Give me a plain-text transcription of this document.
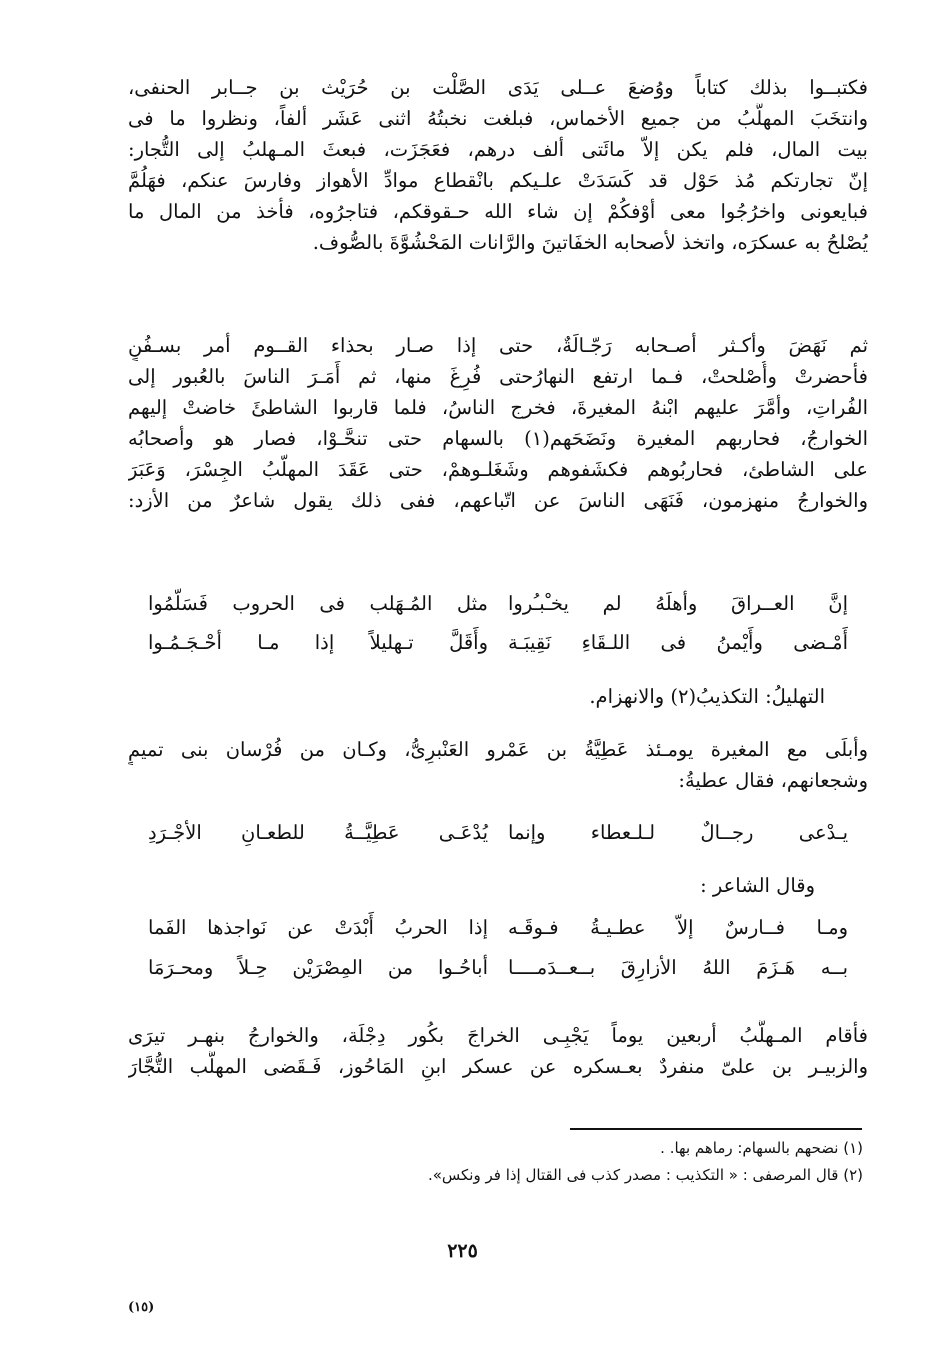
فكتبــوا بذلك كتاباً ووُضعَ عــلى يَدَى الصَّلْت بن حُرَيْث بن جــابر الحنفى،
وانتخَبَ المهلَّبُ من جميع الأخماس، فبلغت نخبتُهُ اثنى عَشَر ألفاً، ونظروا ما فى
بيت المال، فلم يكن إلاّ مائَتى ألف درهم، فعَجَزَت، فبعثَ المـهلبُ إلى التُّجار:
إنّ تجارتكم مُذ حَوْل قد كَسَدَتْ علـيكم بانْقطاع موادِّ الأهواز وفارسَ عنكم، فهَلُمَّ
فبايعونى واخرُجُوا معى أوْفكُمْ إن شاء الله حـقوقكم، فتاجرُوه، فأخذ من المال ما
يُصْلحُ به عسكرَه، واتخذ لأصحابه الخفَاتينَ والرَّانات المَحْشُوَّةَ بالصُّوف.
ثم نَهَضَ وأكـثر أصـحابه رَجّـالَةٌ، حتى إذا صـار بحذاء القــوم أمر بسـفُنٍ
فأحضرتْ وأُصْلحتْ، فـما ارتفع النهارُحتى فُرِغَ منها، ثم أَمَـرَ الناسَ بالعُبور إلى
الفُراتِ، وأمَّرَ عليهم ابْنهُ المغيرةَ، فخرج الناسُ، فلما قاربوا الشاطئَ خاضتْ إليهم
الخوارجُ، فحاربهم المغيرة ونَضَحَهم(١) بالسهام حتى تنحَّـوْا، فصار هو وأصحابُه
على الشاطئ، فحاربُوهم فكشَفوهم وشَغَلـوهمْ، حتى عَقَدَ المهلّبُ الجِسْرَ، وَعَبَرَ
والخوارجُ منهزمون، فَنَهَى الناسَ عن اتّباعهم، ففى ذلك يقول شاعرٌ من الأزد:
إنَّ العــراقَ وأهلَهُ لم يخـْبـُروا
مثل المُـهَلب فى الحروب فَسَلّمُوا
أَمْـضى وأَيْمنُ فى اللـقَاءِ نَقِيبَـة
وأَقَلَّ تـهليلاً إذا مـا أحْـجَـمُـوا
التهليلُ: التكذيبُ(٢) والانهزام.
وأبلَى مع المغيرة يومـئذ عَطِيَّةُ بن عَمْرو العَنْبرِىُّ، وكـان من فُرْسان بنى تميمٍ
وشجعانهم، فقال عطيةُ:
يـدْعى رجــالٌ لـلـعطاء وإنما
يُدْعَـى عَطِيَّــةُ للطعـانِ الأجْـرَدِ
وقال الشاعر :
ومـا فــارسٌ إلاّ عطـيـةُ فـوقَـه
إذا الحربُ أَبْدَتْ عن نَواجذها الفَما
بــه هَـزَمَ اللهُ الأزارِقَ بــعــدَمــــا
أباحُـوا من المِصْرَيْن حِـلاً ومحـرَمَا
فأقام المـهلَّبُ أربعين يوماً يَجْبِـى الخراجَ بكُور دِجْلَة، والخوارجُ بنهـر تيرَى
والزبيـر بن علىّ منفردٌ بعـسكره عن عسكر ابنِ المَاحُوز، فَـقَضى المهلَّب التُّجَّارَ
(١) نضحهم بالسهام: رماهم بها. .
(٢) قال المرصفى : « التكذيب : مصدر كذب فى القتال إذا فر ونكس».
٢٢٥
(١٥)
